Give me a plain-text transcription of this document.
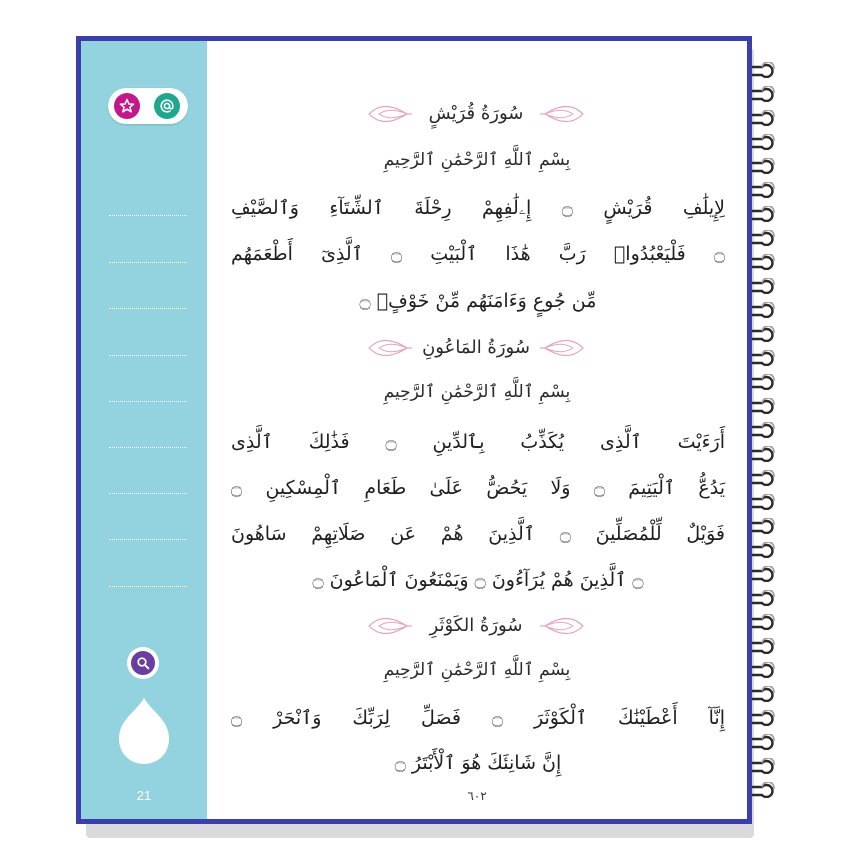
21
سُورَةُ قُرَيْشٍ
بِسْمِ ٱللَّهِ ٱلرَّحْمَٰنِ ٱلرَّحِيمِ
لِإِيلَٰفِ قُرَيْشٍ ۝ إِۦلَٰفِهِمْ رِحْلَةَ ٱلشِّتَآءِ وَٱلصَّيْفِ
۝ فَلْيَعْبُدُوا۟ رَبَّ هَٰذَا ٱلْبَيْتِ ۝ ٱلَّذِىٓ أَطْعَمَهُم
مِّن جُوعٍ وَءَامَنَهُم مِّنْ خَوْفٍۭ ۝
سُورَةُ المَاعُونِ
بِسْمِ ٱللَّهِ ٱلرَّحْمَٰنِ ٱلرَّحِيمِ
أَرَءَيْتَ ٱلَّذِى يُكَذِّبُ بِٱلدِّينِ ۝ فَذَٰلِكَ ٱلَّذِى
يَدُعُّ ٱلْيَتِيمَ ۝ وَلَا يَحُضُّ عَلَىٰ طَعَامِ ٱلْمِسْكِينِ ۝
فَوَيْلٌ لِّلْمُصَلِّينَ ۝ ٱلَّذِينَ هُمْ عَن صَلَاتِهِمْ سَاهُونَ
۝ ٱلَّذِينَ هُمْ يُرَآءُونَ ۝ وَيَمْنَعُونَ ٱلْمَاعُونَ ۝
سُورَةُ الكَوْثَرِ
بِسْمِ ٱللَّهِ ٱلرَّحْمَٰنِ ٱلرَّحِيمِ
إِنَّآ أَعْطَيْنَٰكَ ٱلْكَوْثَرَ ۝ فَصَلِّ لِرَبِّكَ وَٱنْحَرْ ۝
إِنَّ شَانِئَكَ هُوَ ٱلْأَبْتَرُ ۝
٦٠٢
